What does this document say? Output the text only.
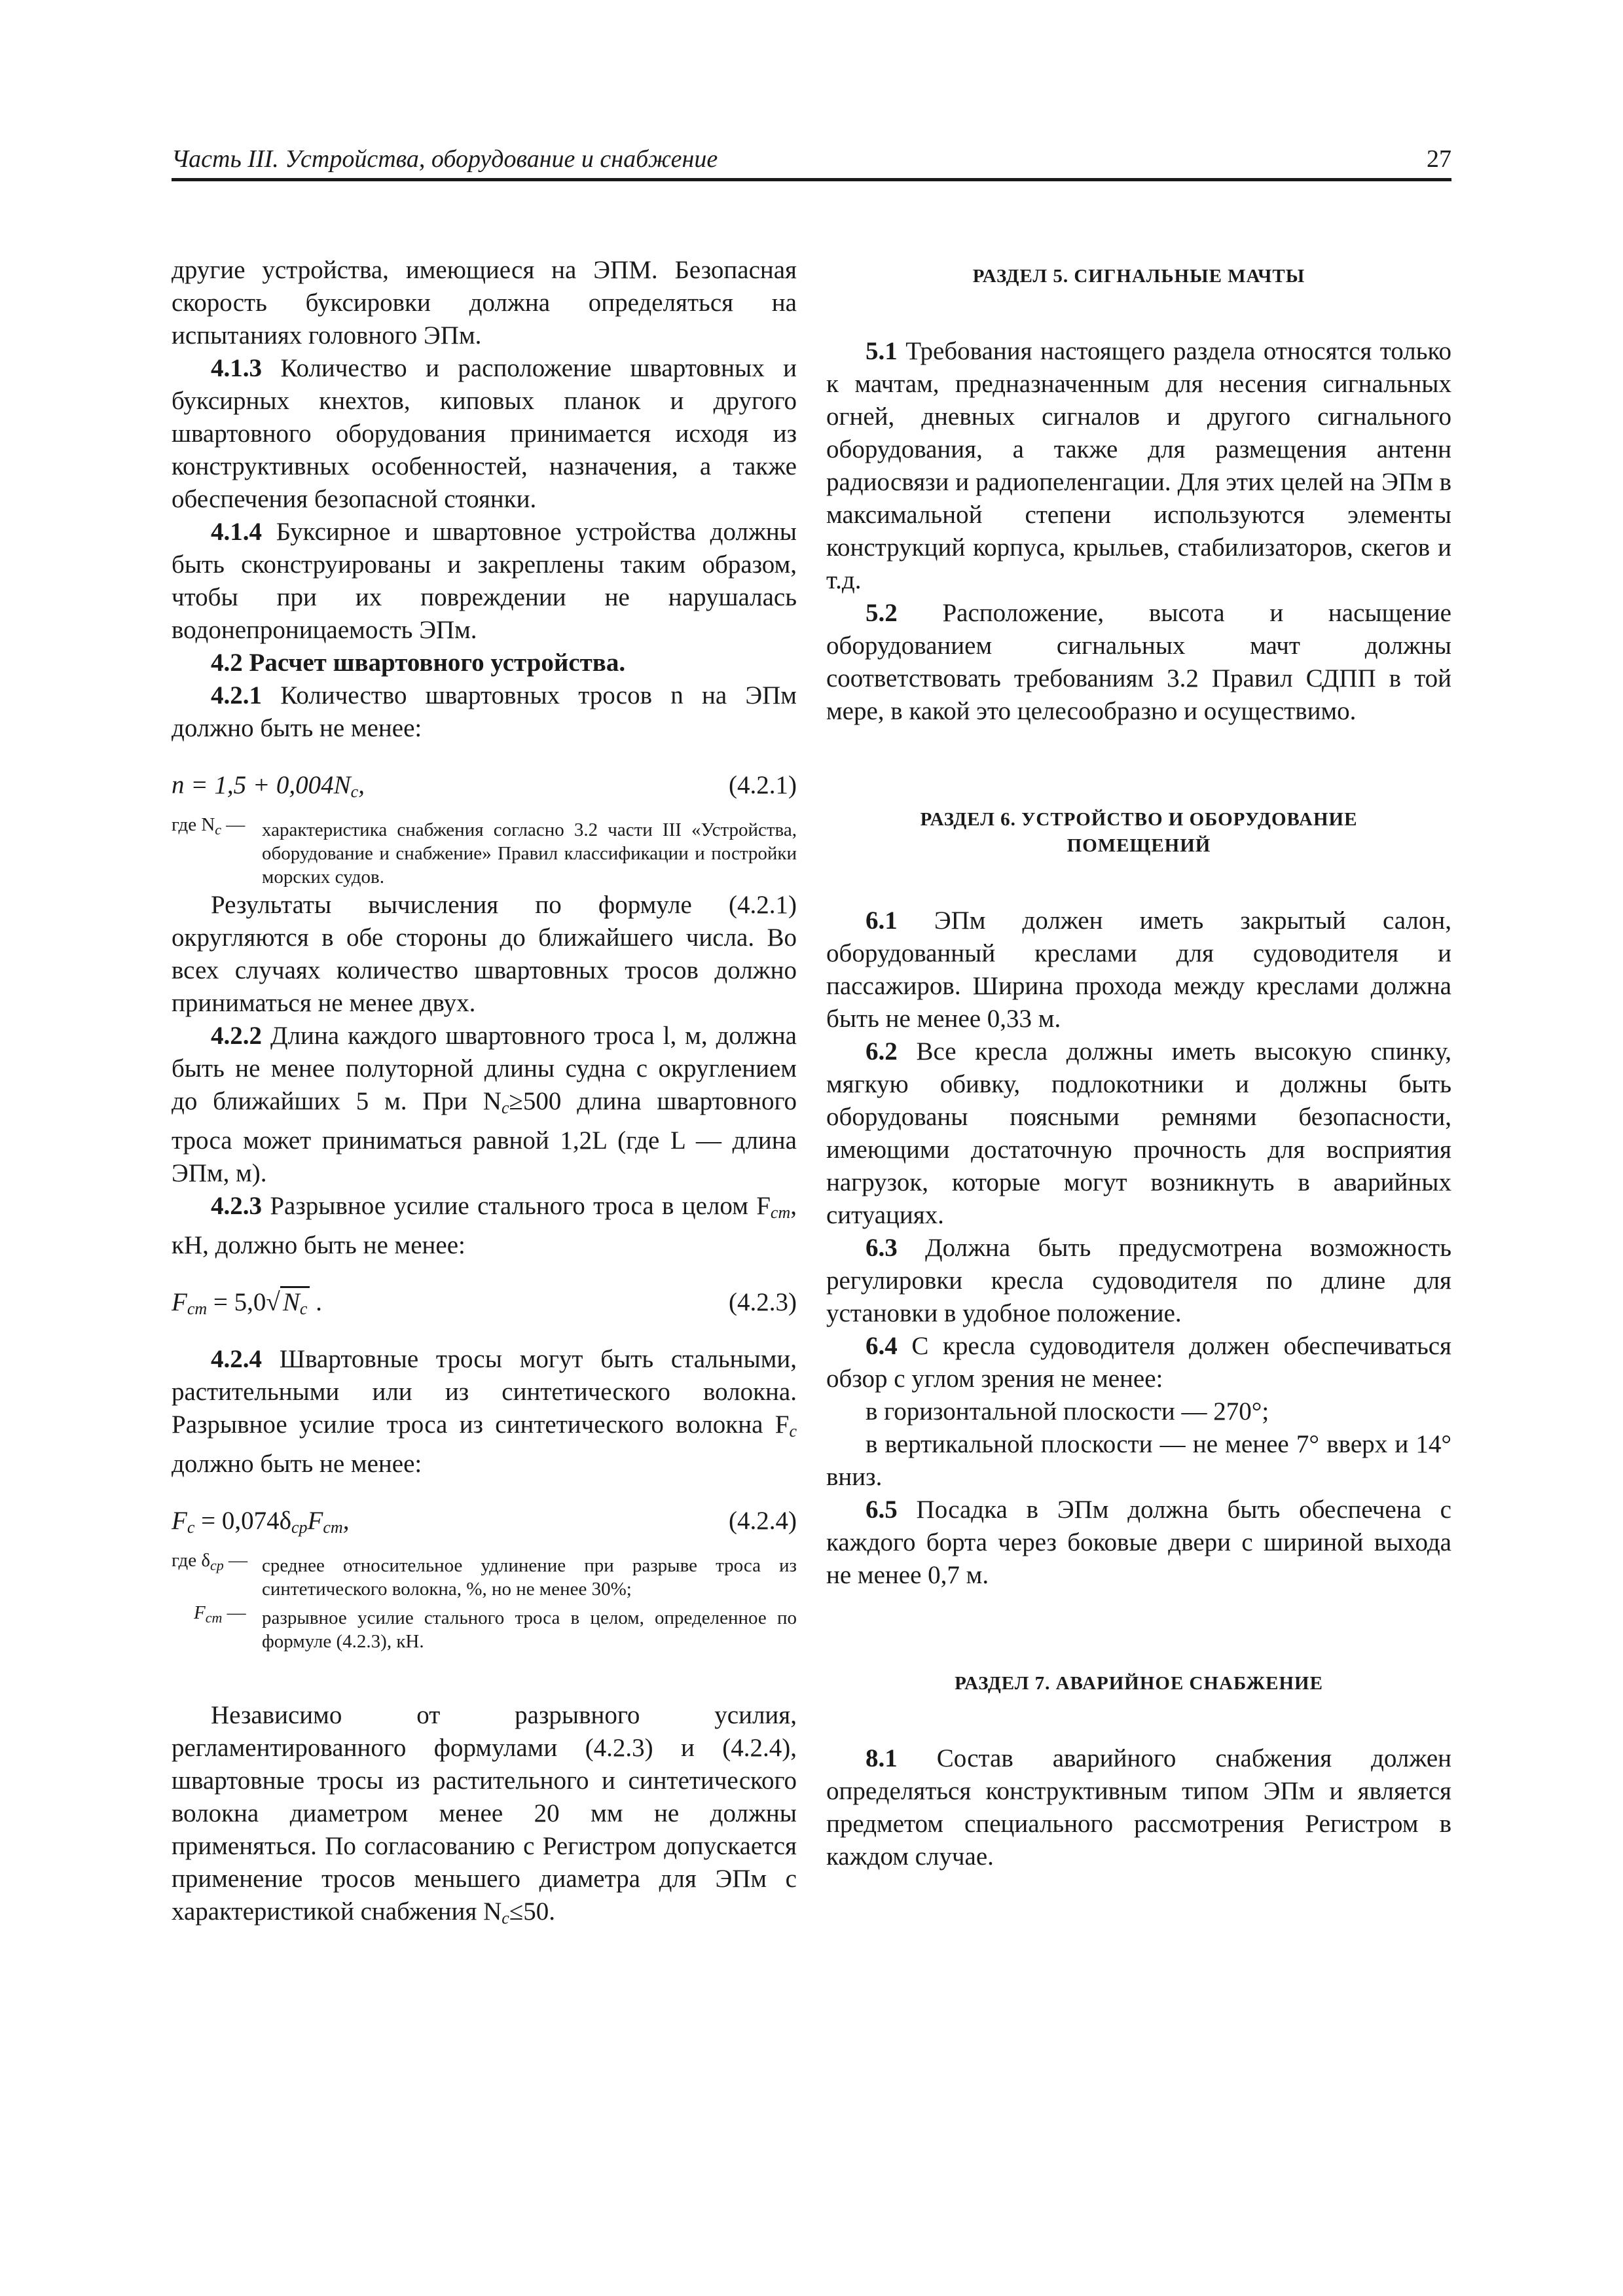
Часть III. Устройства, оборудование и снабжение	27

другие устройства, имеющиеся на ЭПМ. Безопасная скорость буксировки должна определяться на испытаниях головного ЭПм.

4.1.3 Количество и расположение швартовных и буксирных кнехтов, киповых планок и другого швартовного оборудования принимается исходя из конструктивных особенностей, назначения, а также обеспечения безопасной стоянки.

4.1.4 Буксирное и швартовное устройства должны быть сконструированы и закреплены таким образом, чтобы при их повреждении не нарушалась водонепроницаемость ЭПм.

4.2 Расчет швартовного устройства.

4.2.1 Количество швартовных тросов n на ЭПм должно быть не менее:

$n = 1,5 + 0,004N_c$,	(4.2.1)
где $N_c$ — характеристика снабжения согласно 3.2 части III «Устройства, оборудование и снабжение» Правил классификации и постройки морских судов.

Результаты вычисления по формуле (4.2.1) округляются в обе стороны до ближайшего числа. Во всех случаях количество швартовных тросов должно приниматься не менее двух.

4.2.2 Длина каждого швартовного троса l, м, должна быть не менее полуторной длины судна с округлением до ближайших 5 м. При $N_c\ge 500$ длина швартовного троса может приниматься равной 1,2L (где L — длина ЭПм, м).

4.2.3 Разрывное усилие стального троса в целом $F_{ст}$, кН, должно быть не менее:

$F_{ст} = 5,0√$ $N_c$ .	(4.2.3)

4.2.4 Швартовные тросы могут быть стальными, растительными или из синтетического волокна. Разрывное усилие троса из синтетического волокна $F_c$ должно быть не менее:

$F_c = 0,074\delta_{ср}F_{ст}$,	(4.2.4)
где $\delta_{ср}$ — среднее относительное удлинение при разрыве троса из синтетического волокна, %, но не менее 30%;
$F_{ст}$ — разрывное усилие стального троса в целом, определенное по формуле (4.2.3), кН.

Независимо от разрывного усилия, регламентированного формулами (4.2.3) и (4.2.4), швартовные тросы из растительного и синтетического волокна диаметром менее 20 мм не должны применяться. По согласованию с Регистром допускается применение тросов меньшего диаметра для ЭПм с характеристикой снабжения $N_c\le 50$.

РАЗДЕЛ 5. СИГНАЛЬНЫЕ МАЧТЫ

5.1 Требования настоящего раздела относятся только к мачтам, предназначенным для несения сигнальных огней, дневных сигналов и другого сигнального оборудования, а также для размещения антенн радиосвязи и радиопеленгации. Для этих целей на ЭПм в максимальной степени используются элементы конструкций корпуса, крыльев, стабилизаторов, скегов и т.д.

5.2 Расположение, высота и насыщение оборудованием сигнальных мачт должны соответствовать требованиям 3.2 Правил СДПП в той мере, в какой это целесообразно и осуществимо.

РАЗДЕЛ 6. УСТРОЙСТВО И ОБОРУДОВАНИЕ
ПОМЕЩЕНИЙ

6.1 ЭПм должен иметь закрытый салон, оборудованный креслами для судоводителя и пассажиров. Ширина прохода между креслами должна быть не менее 0,33 м.

6.2 Все кресла должны иметь высокую спинку, мягкую обивку, подлокотники и должны быть оборудованы поясными ремнями безопасности, имеющими достаточную прочность для восприятия нагрузок, которые могут возникнуть в аварийных ситуациях.

6.3 Должна быть предусмотрена возможность регулировки кресла судоводителя по длине для установки в удобное положение.

6.4 С кресла судоводителя должен обеспечиваться обзор с углом зрения не менее:

в горизонтальной плоскости — 270°;

в вертикальной плоскости — не менее 7° вверх и 14° вниз.

6.5 Посадка в ЭПм должна быть обеспечена с каждого борта через боковые двери с шириной выхода не менее 0,7 м.

РАЗДЕЛ 7. АВАРИЙНОЕ СНАБЖЕНИЕ

8.1 Состав аварийного снабжения должен определяться конструктивным типом ЭПм и является предметом специального рассмотрения Регистром в каждом случае.
